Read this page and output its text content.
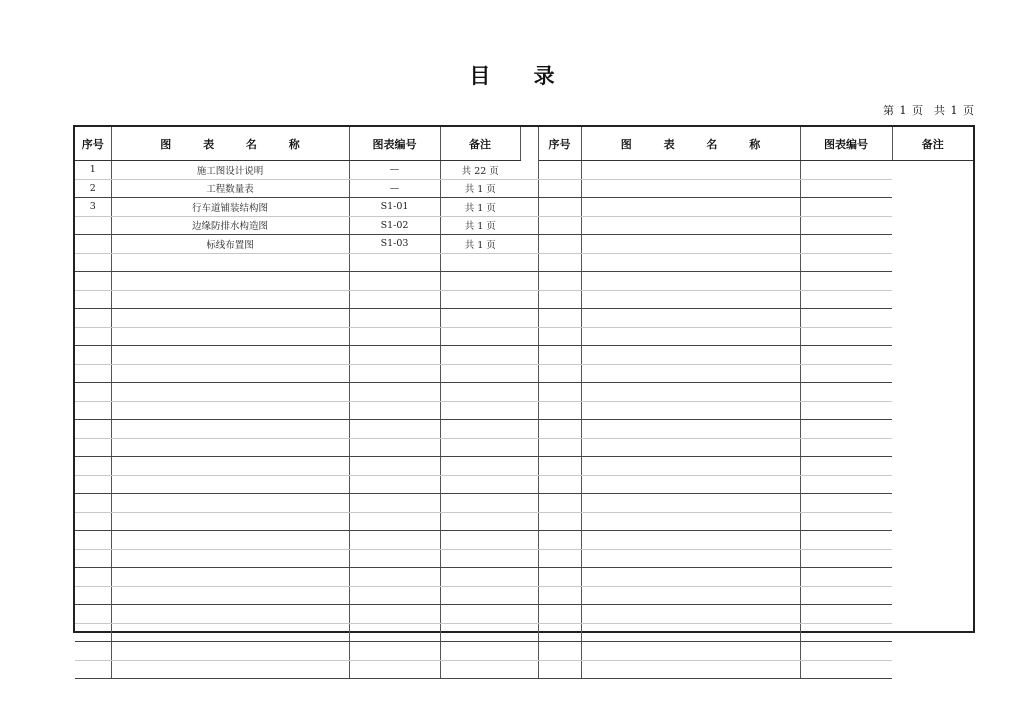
目 录
第 1 页　共 1 页
序号	图 表 名 称	图表编号	备注		序号	图 表 名 称	图表编号	备注
1	施工图设计说明	—	共 22 页					
2	工程数量表	—	共 1 页					
3	行车道铺装结构图	S1-01	共 1 页					
	边缘防排水构造图	S1-02	共 1 页					
	标线布置图	S1-03	共 1 页					
